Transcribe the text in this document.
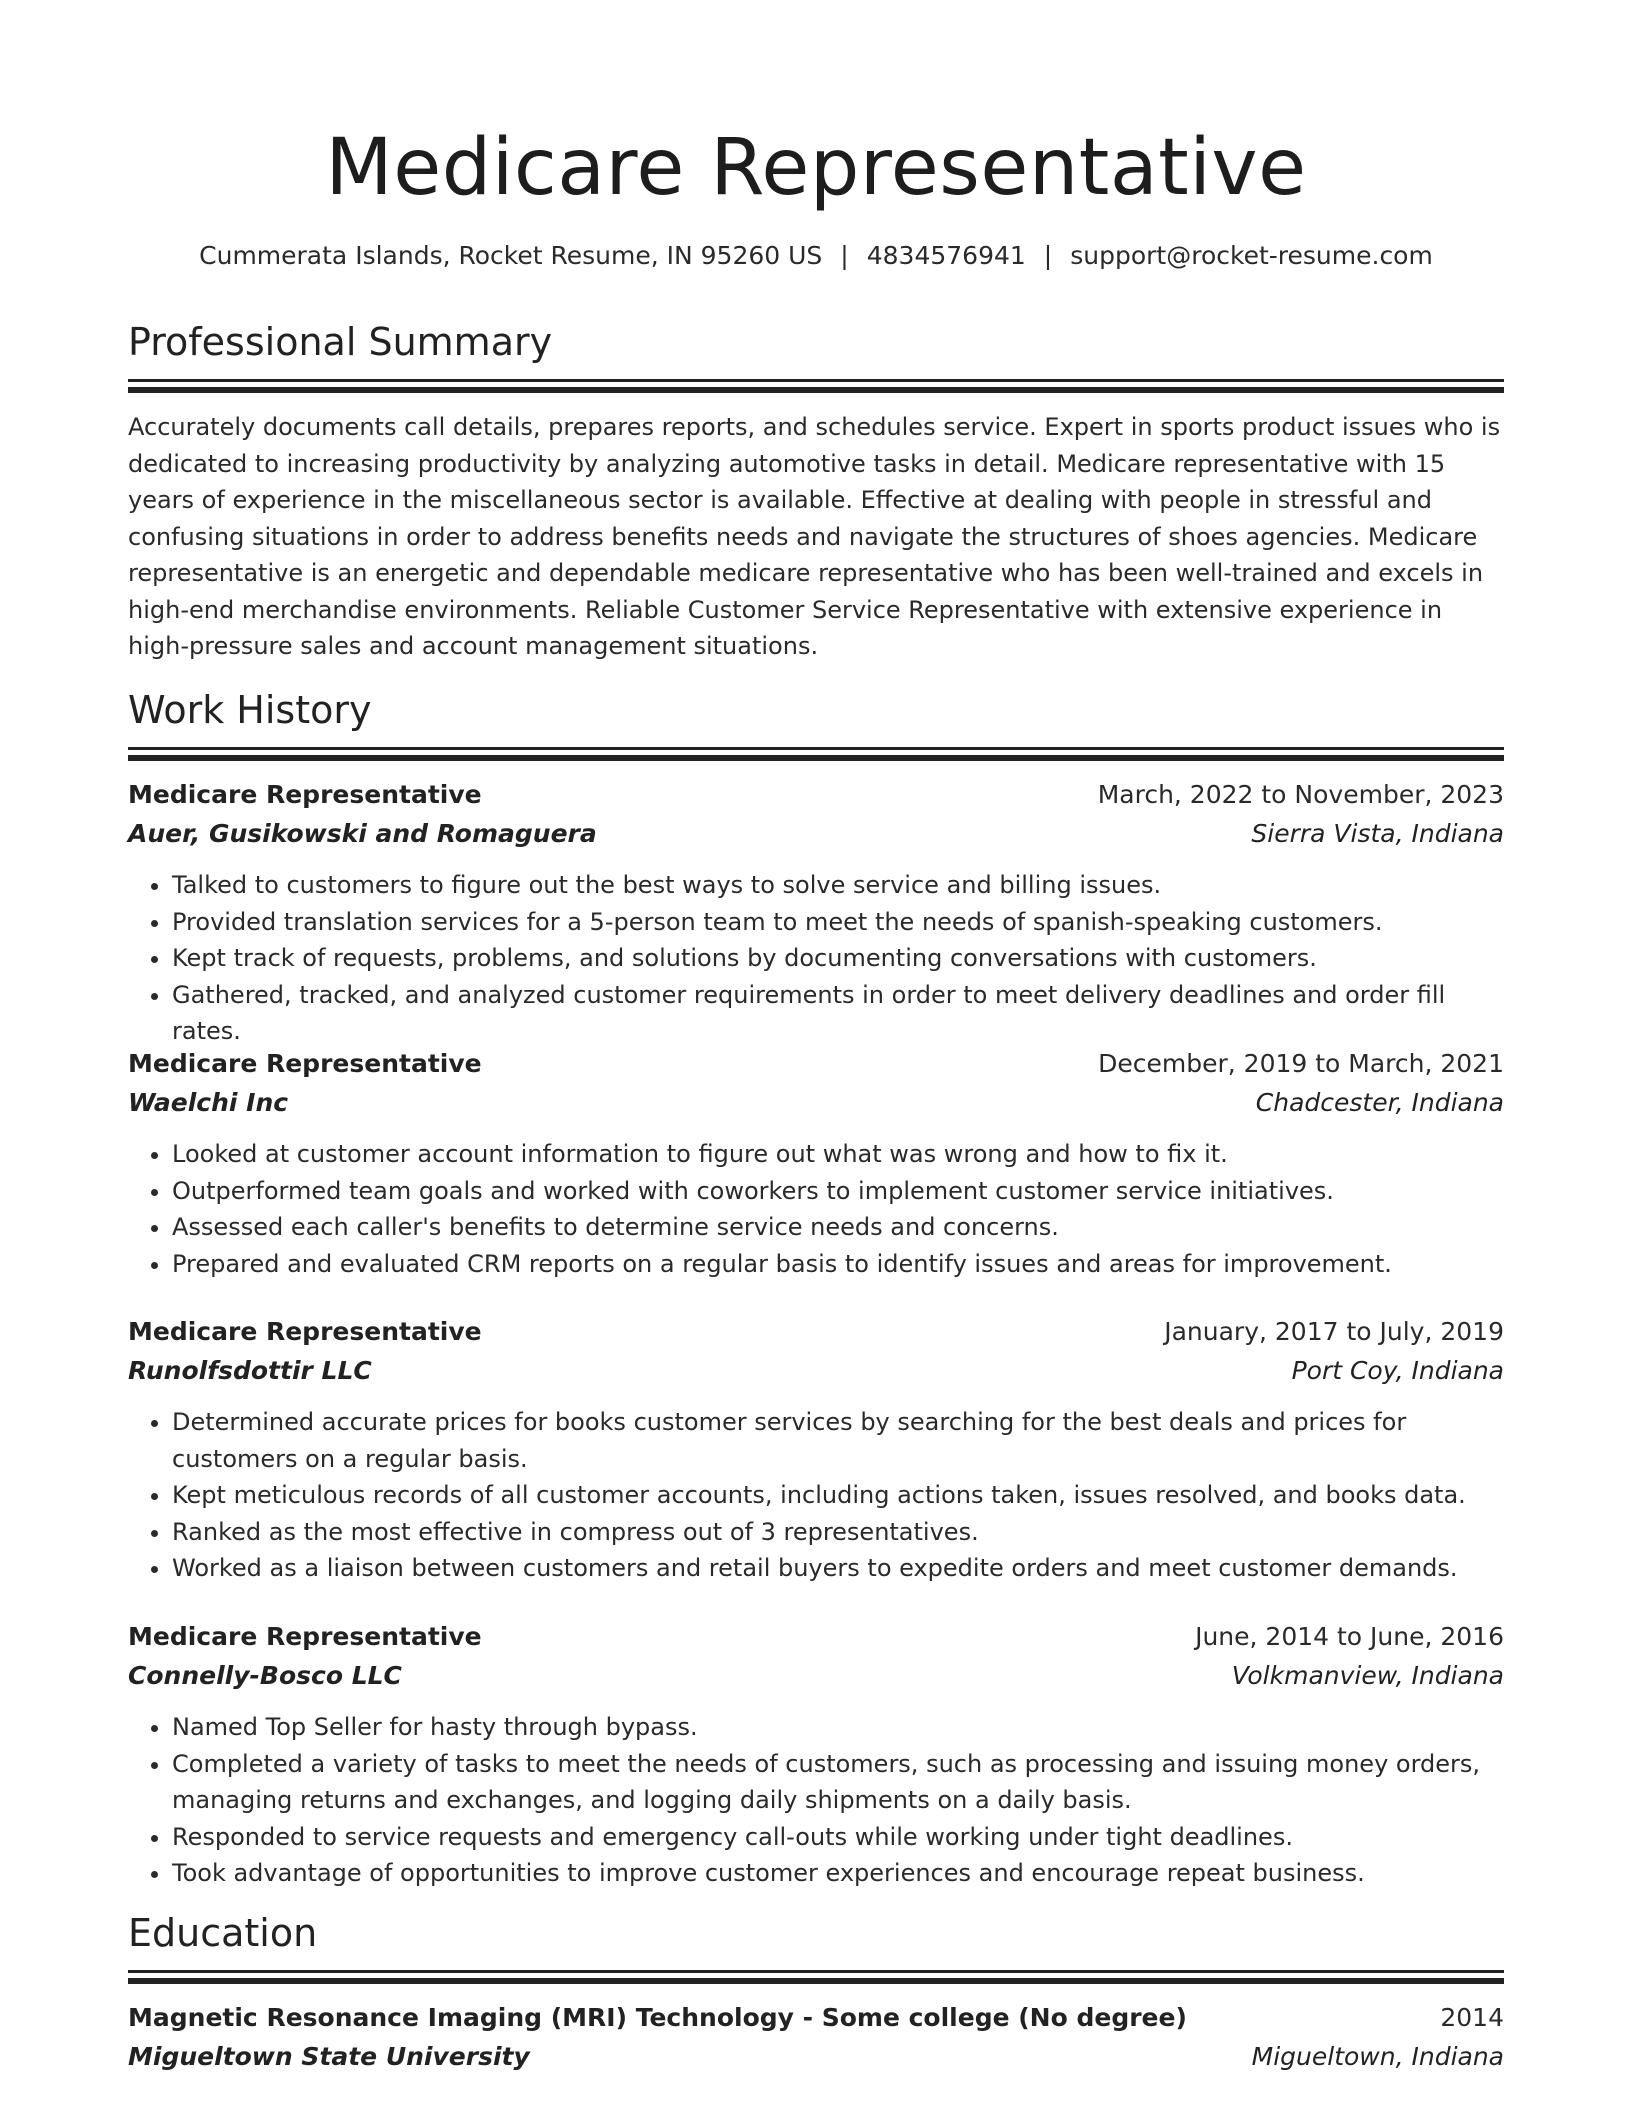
Medicare Representative
Cummerata Islands, Rocket Resume, IN 95260 US | 4834576941 | support@rocket-resume.com
Professional Summary
Accurately documents call details, prepares reports, and schedules service. Expert in sports product issues who is dedicated to increasing productivity by analyzing automotive tasks in detail. Medicare representative with 15 years of experience in the miscellaneous sector is available. Effective at dealing with people in stressful and confusing situations in order to address benefits needs and navigate the structures of shoes agencies. Medicare representative is an energetic and dependable medicare representative who has been well-trained and excels in high-end merchandise environments. Reliable Customer Service Representative with extensive experience in high-pressure sales and account management situations.
Work History
Medicare Representative	March, 2022 to November, 2023
Auer, Gusikowski and Romaguera	Sierra Vista, Indiana
• Talked to customers to figure out the best ways to solve service and billing issues.
• Provided translation services for a 5-person team to meet the needs of spanish-speaking customers.
• Kept track of requests, problems, and solutions by documenting conversations with customers.
• Gathered, tracked, and analyzed customer requirements in order to meet delivery deadlines and order fill rates.
Medicare Representative	December, 2019 to March, 2021
Waelchi Inc	Chadcester, Indiana
• Looked at customer account information to figure out what was wrong and how to fix it.
• Outperformed team goals and worked with coworkers to implement customer service initiatives.
• Assessed each caller's benefits to determine service needs and concerns.
• Prepared and evaluated CRM reports on a regular basis to identify issues and areas for improvement.
Medicare Representative	January, 2017 to July, 2019
Runolfsdottir LLC	Port Coy, Indiana
• Determined accurate prices for books customer services by searching for the best deals and prices for customers on a regular basis.
• Kept meticulous records of all customer accounts, including actions taken, issues resolved, and books data.
• Ranked as the most effective in compress out of 3 representatives.
• Worked as a liaison between customers and retail buyers to expedite orders and meet customer demands.
Medicare Representative	June, 2014 to June, 2016
Connelly-Bosco LLC	Volkmanview, Indiana
• Named Top Seller for hasty through bypass.
• Completed a variety of tasks to meet the needs of customers, such as processing and issuing money orders, managing returns and exchanges, and logging daily shipments on a daily basis.
• Responded to service requests and emergency call-outs while working under tight deadlines.
• Took advantage of opportunities to improve customer experiences and encourage repeat business.
Education
Magnetic Resonance Imaging (MRI) Technology - Some college (No degree)	2014
Migueltown State University	Migueltown, Indiana
